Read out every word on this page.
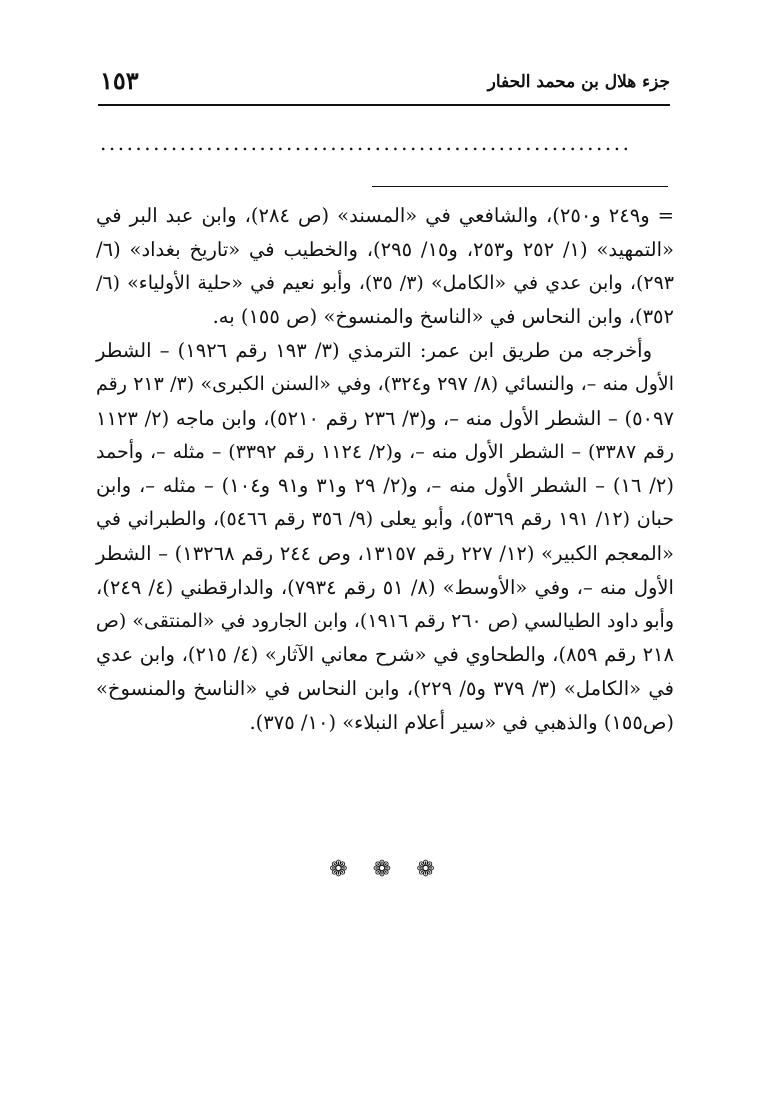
جزء هلال بن محمد الحفار
١٥٣
............................................................
= و٢٤٩ و٢٥٠)، والشافعي في «المسند» (ص ٢٨٤)، وابن عبد البر في
«التمهيد» (١/ ٢٥٢ و٢٥٣، و١٥/ ٢٩٥)، والخطيب في «تاريخ بغداد» (٦/
٢٩٣)، وابن عدي في «الكامل» (٣/ ٣٥)، وأبو نعيم في «حلية الأولياء» (٦/
٣٥٢)، وابن النحاس في «الناسخ والمنسوخ» (ص ١٥٥) به.
وأخرجه من طريق ابن عمر: الترمذي (٣/ ١٩٣ رقم ١٩٢٦) – الشطر
الأول منه –، والنسائي (٨/ ٢٩٧ و٣٢٤)، وفي «السنن الكبرى» (٣/ ٢١٣ رقم
٥٠٩٧) – الشطر الأول منه –، و(٣/ ٢٣٦ رقم ٥٢١٠)، وابن ماجه (٢/ ١١٢٣
رقم ٣٣٨٧) – الشطر الأول منه –، و(٢/ ١١٢٤ رقم ٣٣٩٢) – مثله –، وأحمد
(٢/ ١٦) – الشطر الأول منه –، و(٢/ ٢٩ و٣١ و٩١ و١٠٤) – مثله –، وابن
حبان (١٢/ ١٩١ رقم ٥٣٦٩)، وأبو يعلى (٩/ ٣٥٦ رقم ٥٤٦٦)، والطبراني في
«المعجم الكبير» (١٢/ ٢٢٧ رقم ١٣١٥٧، وص ٢٤٤ رقم ١٣٢٦٨) – الشطر
الأول منه –، وفي «الأوسط» (٨/ ٥١ رقم ٧٩٣٤)، والدارقطني (٤/ ٢٤٩)،
وأبو داود الطيالسي (ص ٢٦٠ رقم ١٩١٦)، وابن الجارود في «المنتقى» (ص
٢١٨ رقم ٨٥٩)، والطحاوي في «شرح معاني الآثار» (٤/ ٢١٥)، وابن عدي
في «الكامل» (٣/ ٣٧٩ و٥/ ٢٢٩)، وابن النحاس في «الناسخ والمنسوخ»
(ص١٥٥) والذهبي في «سير أعلام النبلاء» (١٠/ ٣٧٥).
❁ ❁ ❁
